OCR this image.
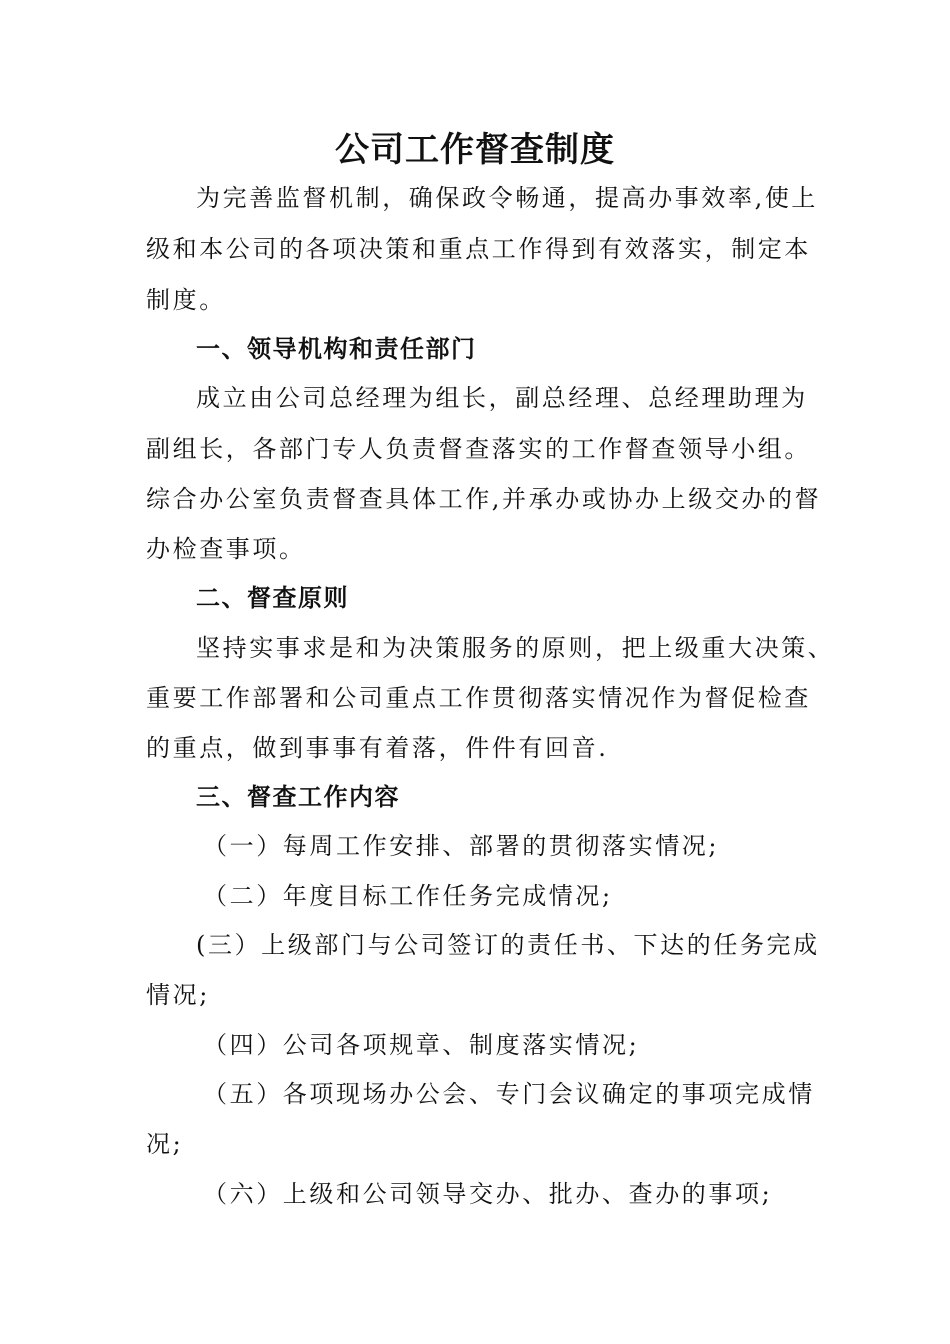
公司工作督查制度
为完善监督机制，确保政令畅通，提高办事效率,使上
级和本公司的各项决策和重点工作得到有效落实，制定本
制度。
一、领导机构和责任部门
成立由公司总经理为组长，副总经理、总经理助理为
副组长，各部门专人负责督查落实的工作督查领导小组。
综合办公室负责督查具体工作,并承办或协办上级交办的督
办检查事项。
二、督查原则
坚持实事求是和为决策服务的原则，把上级重大决策、
重要工作部署和公司重点工作贯彻落实情况作为督促检查
的重点，做到事事有着落，件件有回音.
三、督查工作内容
（一）每周工作安排、部署的贯彻落实情况;
（二）年度目标工作任务完成情况;
(三）上级部门与公司签订的责任书、下达的任务完成
情况;
（四）公司各项规章、制度落实情况;
（五）各项现场办公会、专门会议确定的事项完成情
况;
（六）上级和公司领导交办、批办、查办的事项;
